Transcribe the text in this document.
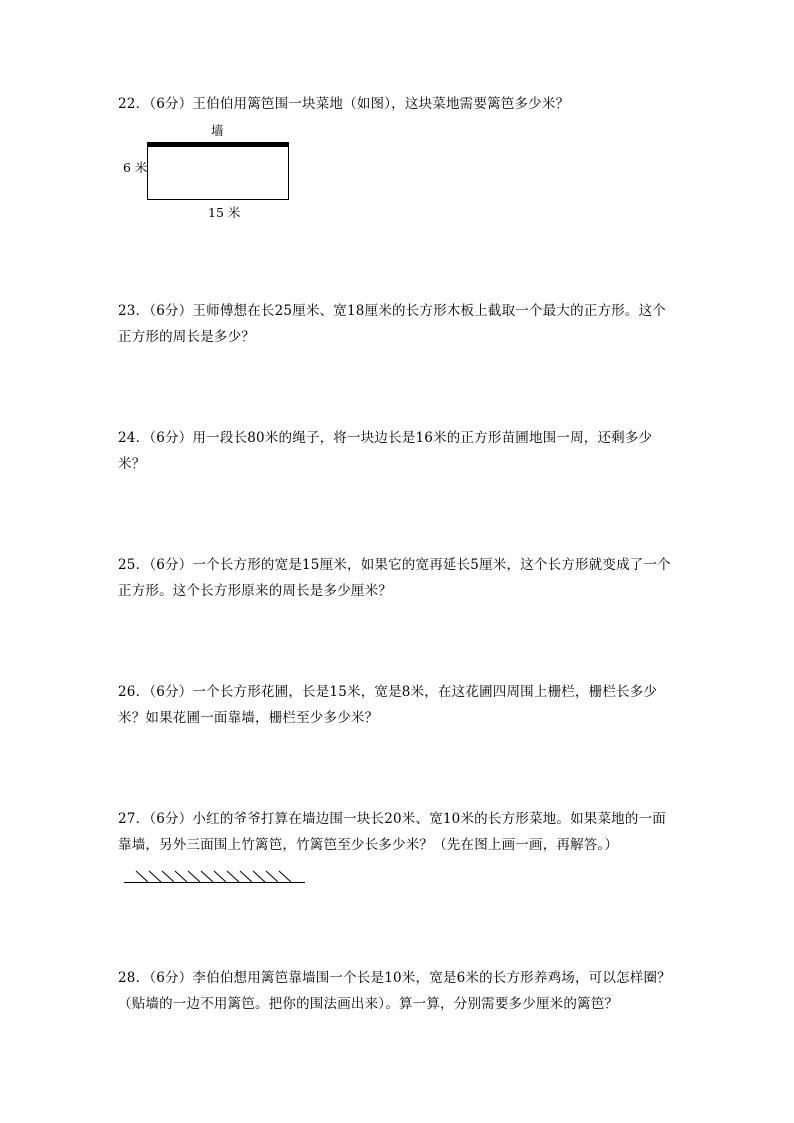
22．（6分）王伯伯用篱笆围一块菜地（如图），这块菜地需要篱笆多少米？
墙
6 米
15 米
23．（6分）王师傅想在长25厘米、宽18厘米的长方形木板上截取一个最大的正方形。这个正方形的周长是多少？
24．（6分）用一段长80米的绳子，将一块边长是16米的正方形苗圃地围一周，还剩多少米？
25．（6分）一个长方形的宽是15厘米，如果它的宽再延长5厘米，这个长方形就变成了一个正方形。这个长方形原来的周长是多少厘米？
26．（6分）一个长方形花圃，长是15米，宽是8米，在这花圃四周围上栅栏，栅栏长多少米？如果花圃一面靠墙，栅栏至少多少米？
27．（6分）小红的爷爷打算在墙边围一块长20米、宽10米的长方形菜地。如果菜地的一面靠墙，另外三面围上竹篱笆，竹篱笆至少长多少米？（先在图上画一画，再解答。）
28．（6分）李伯伯想用篱笆靠墙围一个长是10米，宽是6米的长方形养鸡场，可以怎样圈？（贴墙的一边不用篱笆。把你的围法画出来）。算一算，分别需要多少厘米的篱笆？
